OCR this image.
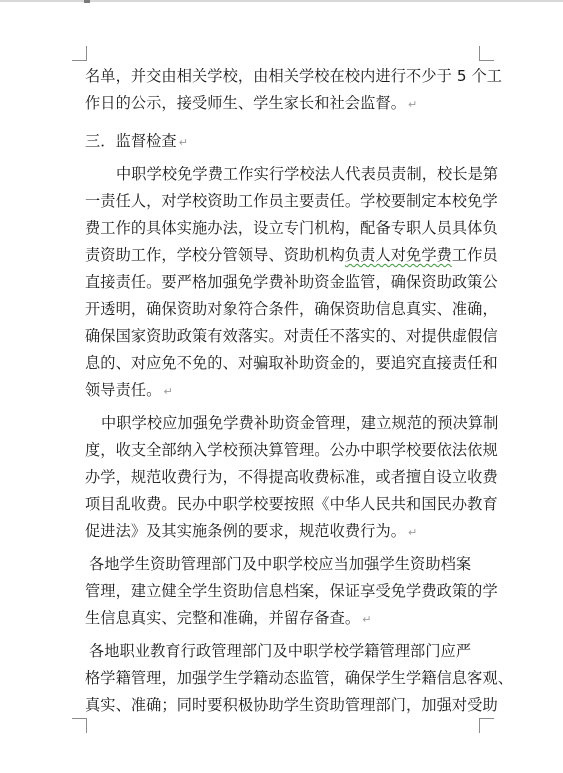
名单，并交由相关学校，由相关学校在校内进行不少于 5 个工
作日的公示，接受师生、学生家长和社会监督。 ↵
三．监督检查 ↵
中职学校免学费工作实行学校法人代表员责制，校长是第
一责任人，对学校资助工作员主要责任。学校要制定本校免学
费工作的具体实施办法，设立专门机构，配备专职人员具体负
责资助工作，学校分管领导、资助机构负责人对免学费工作员
直接责任。要严格加强免学费补助资金监管，确保资助政策公
开透明，确保资助对象符合条件，确保资助信息真实、准确，
确保国家资助政策有效落实。对责任不落实的、对提供虚假信
息的、对应免不免的、对骗取补助资金的，要追究直接责任和
领导责任。 ↵
中职学校应加强免学费补助资金管理，建立规范的预决算制
度，收支全部纳入学校预决算管理。公办中职学校要依法依规
办学，规范收费行为，不得提高收费标准，或者擅自设立收费
项目乱收费。民办中职学校要按照《中华人民共和国民办教育
促进法》及其实施条例的要求，规范收费行为。 ↵
各地学生资助管理部门及中职学校应当加强学生资助档案
管理，建立健全学生资助信息档案，保证享受免学费政策的学
生信息真实、完整和准确，并留存备查。 ↵
各地职业教育行政管理部门及中职学校学籍管理部门应严
格学籍管理，加强学生学籍动态监管，确保学生学籍信息客观、
真实、准确；同时要积极协助学生资助管理部门，加强对受助
